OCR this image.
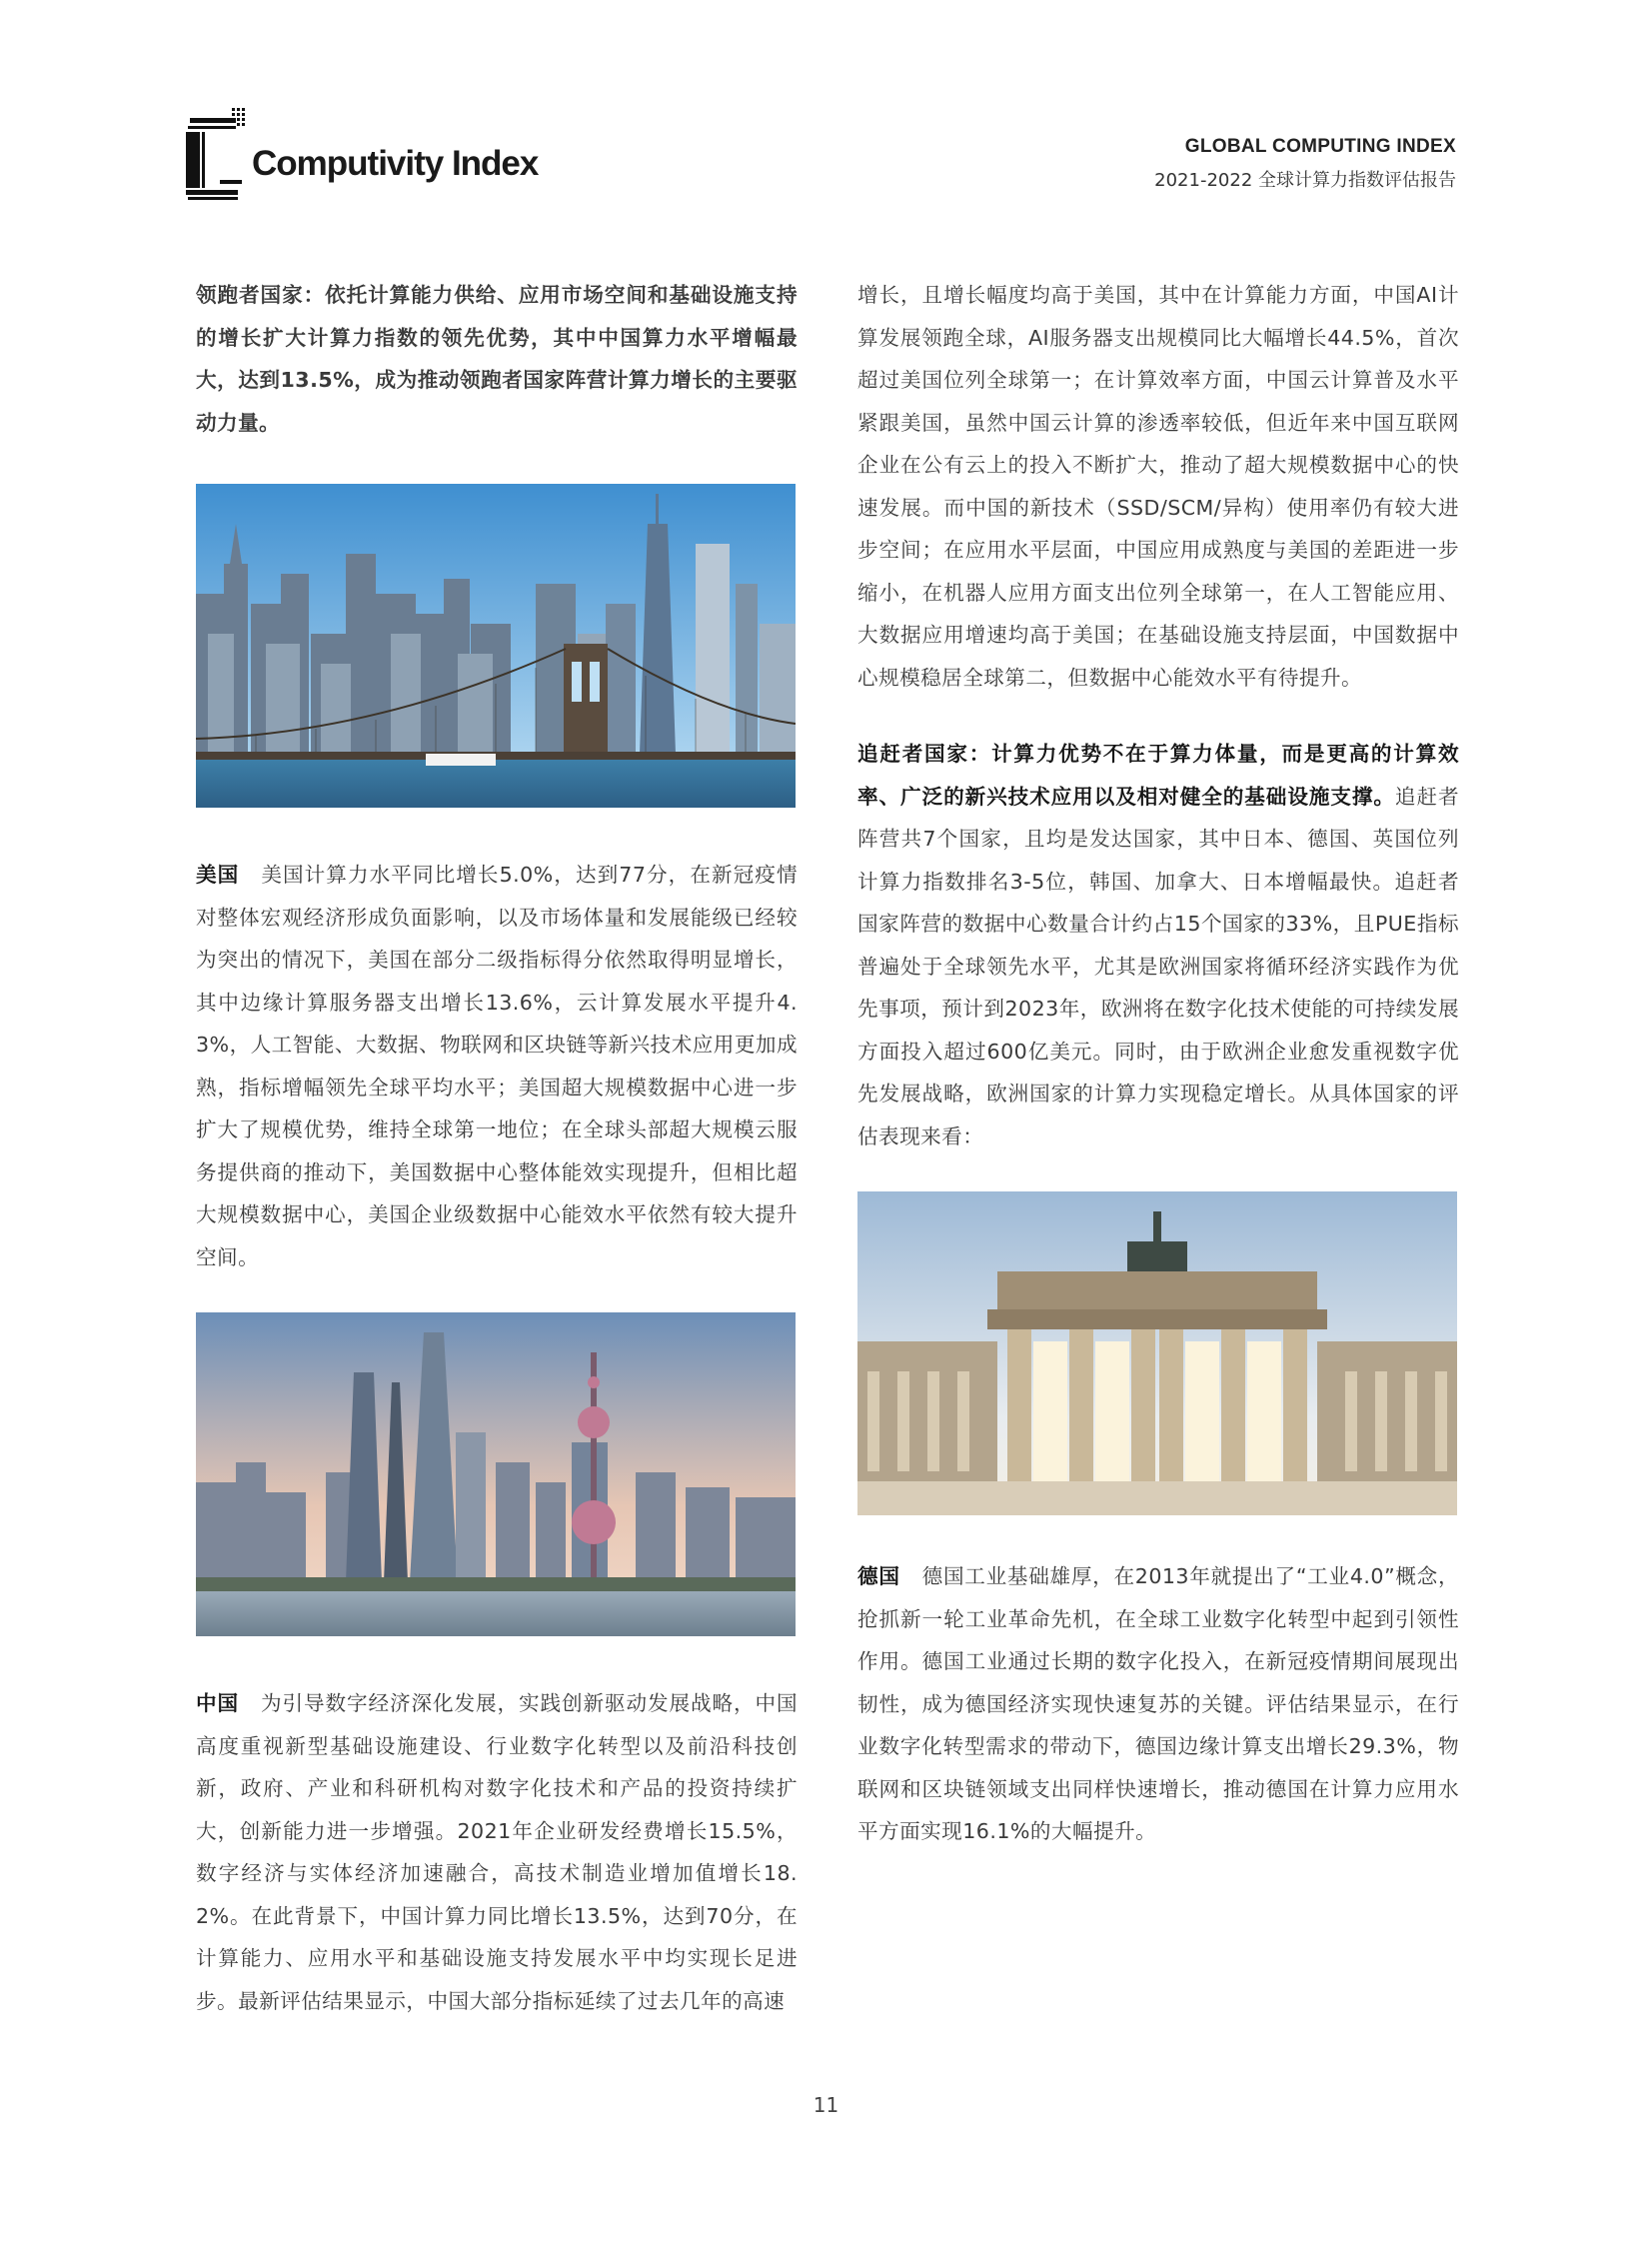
Computivity Index	GLOBAL COMPUTING INDEX
2021-2022 全球计算力指数评估报告

领跑者国家：依托计算能力供给、应用市场空间和基础设施支持的增长扩大计算力指数的领先优势，其中中国算力水平增幅最大，达到13.5%，成为推动领跑者国家阵营计算力增长的主要驱动力量。

美国 美国计算力水平同比增长5.0%，达到77分，在新冠疫情对整体宏观经济形成负面影响，以及市场体量和发展能级已经较为突出的情况下，美国在部分二级指标得分依然取得明显增长，其中边缘计算服务器支出增长13.6%，云计算发展水平提升4.3%，人工智能、大数据、物联网和区块链等新兴技术应用更加成熟，指标增幅领先全球平均水平；美国超大规模数据中心进一步扩大了规模优势，维持全球第一地位；在全球头部超大规模云服务提供商的推动下，美国数据中心整体能效实现提升，但相比超大规模数据中心，美国企业级数据中心能效水平依然有较大提升空间。

中国 为引导数字经济深化发展，实践创新驱动发展战略，中国高度重视新型基础设施建设、行业数字化转型以及前沿科技创新，政府、产业和科研机构对数字化技术和产品的投资持续扩大，创新能力进一步增强。2021年企业研发经费增长15.5%，数字经济与实体经济加速融合，高技术制造业增加值增长18.2%。在此背景下，中国计算力同比增长13.5%，达到70分，在计算能力、应用水平和基础设施支持发展水平中均实现长足进步。最新评估结果显示，中国大部分指标延续了过去几年的高速

增长，且增长幅度均高于美国，其中在计算能力方面，中国AI计算发展领跑全球，AI服务器支出规模同比大幅增长44.5%，首次超过美国位列全球第一；在计算效率方面，中国云计算普及水平紧跟美国，虽然中国云计算的渗透率较低，但近年来中国互联网企业在公有云上的投入不断扩大，推动了超大规模数据中心的快速发展。而中国的新技术（SSD/SCM/异构）使用率仍有较大进步空间；在应用水平层面，中国应用成熟度与美国的差距进一步缩小，在机器人应用方面支出位列全球第一，在人工智能应用、大数据应用增速均高于美国；在基础设施支持层面，中国数据中心规模稳居全球第二，但数据中心能效水平有待提升。

追赶者国家：计算力优势不在于算力体量，而是更高的计算效率、广泛的新兴技术应用以及相对健全的基础设施支撑。追赶者阵营共7个国家，且均是发达国家，其中日本、德国、英国位列计算力指数排名3-5位，韩国、加拿大、日本增幅最快。追赶者国家阵营的数据中心数量合计约占15个国家的33%，且PUE指标普遍处于全球领先水平，尤其是欧洲国家将循环经济实践作为优先事项，预计到2023年，欧洲将在数字化技术使能的可持续发展方面投入超过600亿美元。同时，由于欧洲企业愈发重视数字优先发展战略，欧洲国家的计算力实现稳定增长。从具体国家的评估表现来看：

德国 德国工业基础雄厚，在2013年就提出了“工业4.0”概念，抢抓新一轮工业革命先机，在全球工业数字化转型中起到引领性作用。德国工业通过长期的数字化投入，在新冠疫情期间展现出韧性，成为德国经济实现快速复苏的关键。评估结果显示，在行业数字化转型需求的带动下，德国边缘计算支出增长29.3%，物联网和区块链领域支出同样快速增长，推动德国在计算力应用水平方面实现16.1%的大幅提升。

11
